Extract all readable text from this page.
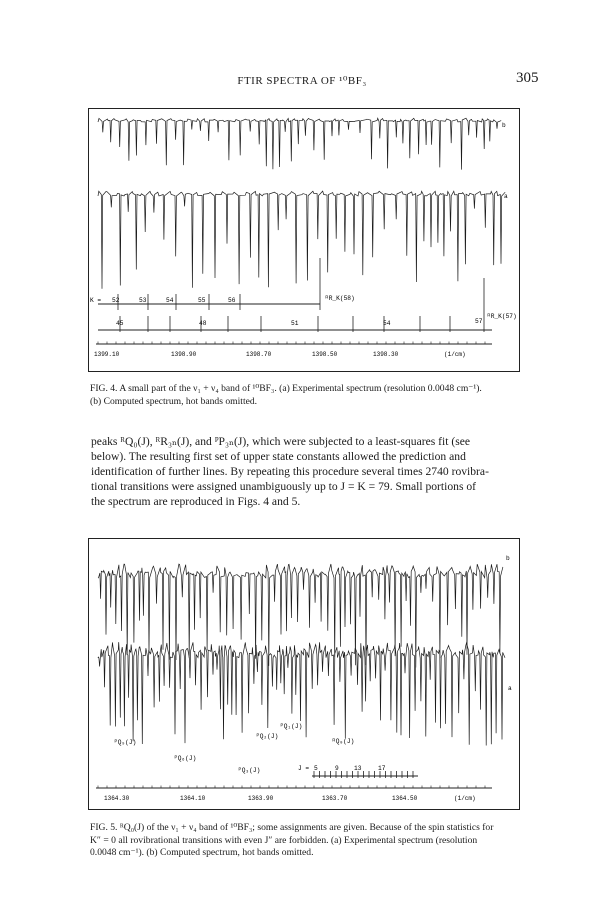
FTIR SPECTRA OF ¹⁰BF₃	305
b
a
K = 52	53	54	55	56	ᴿR_K(58)
45	48	51	54	57
ᴿR_K(57)
1399.10	1398.90	1398.70	1398.50	1398.30	(1/cm)
FIG. 4. A small part of the ν₁ + ν₄ band of ¹⁰BF₃. (a) Experimental spectrum (resolution 0.0048 cm⁻¹).
(b) Computed spectrum, hot bands omitted.

peaks ᴿQ₀(J), ᴿR₃ₙ(J), and ᴾP₃ₙ(J), which were subjected to a least-squares fit (see

below). The resulting first set of upper state constants allowed the prediction and

identification of further lines. By repeating this procedure several times 2740 rovibra-

tional transitions were assigned unambiguously up to J = K = 79. Small portions of

the spectrum are reproduced in Figs. 4 and 5.

b
a
ᴾQ₉(J)
ᴾQ₆(J)
ᴾQ₃(J)
ᴾQ₂(J)
ᴾQ₁(J)
ᴿQ₀(J)
J = 5	9 13	17
1364.30	1364.10	1363.90	1363.70	1364.50	(1/cm)
FIG. 5. ᴿQ₀(J) of the ν₁ + ν₄ band of ¹⁰BF₃; some assignments are given. Because of the spin statistics for
K″ = 0 all rovibrational transitions with even J″ are forbidden. (a) Experimental spectrum (resolution
0.0048 cm⁻¹). (b) Computed spectrum, hot bands omitted.
